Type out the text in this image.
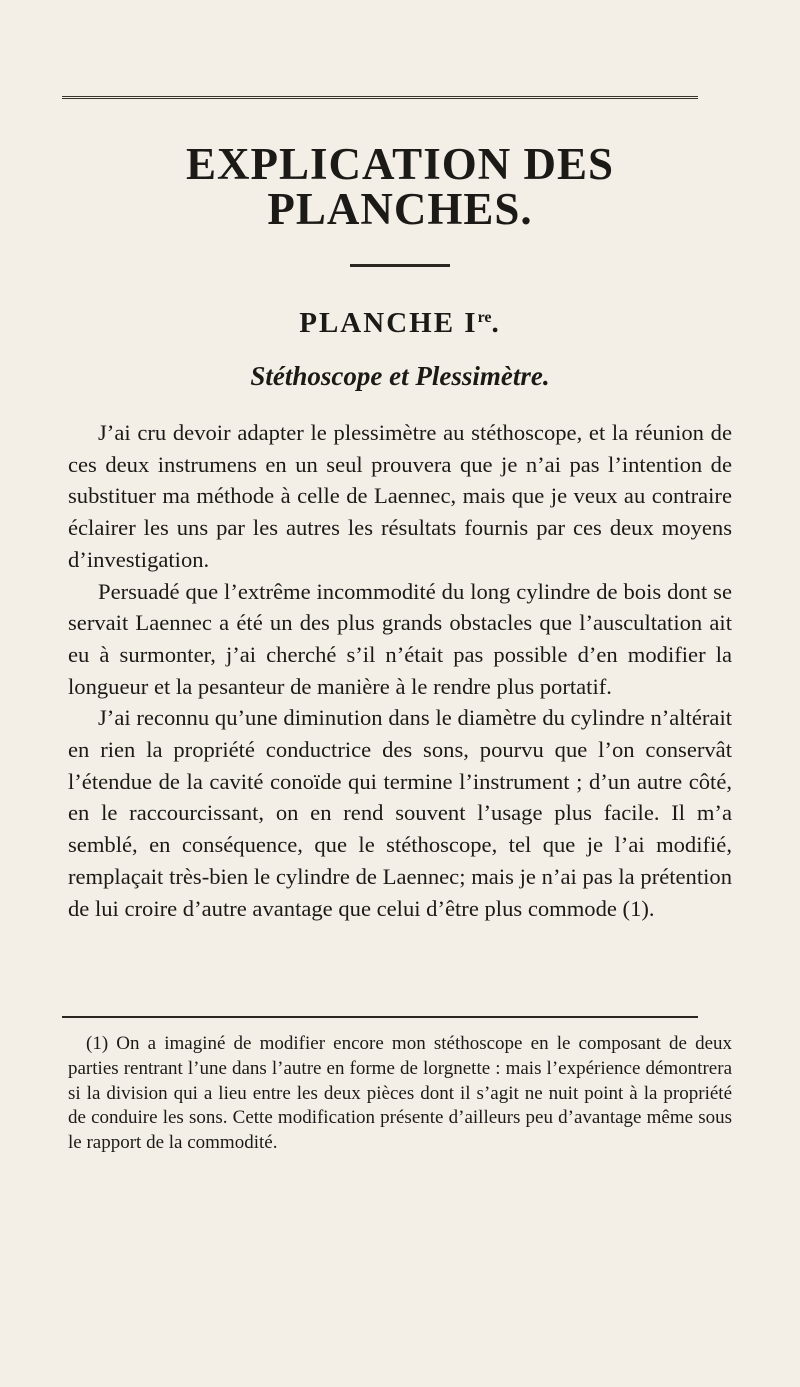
EXPLICATION DES PLANCHES.
PLANCHE Ire.
Stéthoscope et Plessimètre.

J’ai cru devoir adapter le plessimètre au stéthoscope, et la réunion de ces deux instrumens en un seul prouvera que je n’ai pas l’intention de substituer ma méthode à celle de Laennec, mais que je veux au contraire éclairer les uns par les autres les résultats fournis par ces deux moyens d’investigation.

Persuadé que l’extrême incommodité du long cylindre de bois dont se servait Laennec a été un des plus grands obstacles que l’auscultation ait eu à surmonter, j’ai cherché s’il n’était pas possible d’en modifier la longueur et la pesanteur de manière à le rendre plus portatif.

J’ai reconnu qu’une diminution dans le diamètre du cylindre n’altérait en rien la propriété conductrice des sons, pourvu que l’on conservât l’étendue de la cavité conoïde qui termine l’instrument ; d’un autre côté, en le raccourcissant, on en rend souvent l’usage plus facile. Il m’a semblé, en conséquence, que le stéthoscope, tel que je l’ai modifié, remplaçait très-bien le cylindre de Laennec; mais je n’ai pas la prétention de lui croire d’autre avantage que celui d’être plus commode (1).

(1) On a imaginé de modifier encore mon stéthoscope en le composant de deux parties rentrant l’une dans l’autre en forme de lorgnette : mais l’expérience démontrera si la division qui a lieu entre les deux pièces dont il s’agit ne nuit point à la propriété de conduire les sons. Cette modification présente d’ailleurs peu d’avantage même sous le rapport de la commodité.
